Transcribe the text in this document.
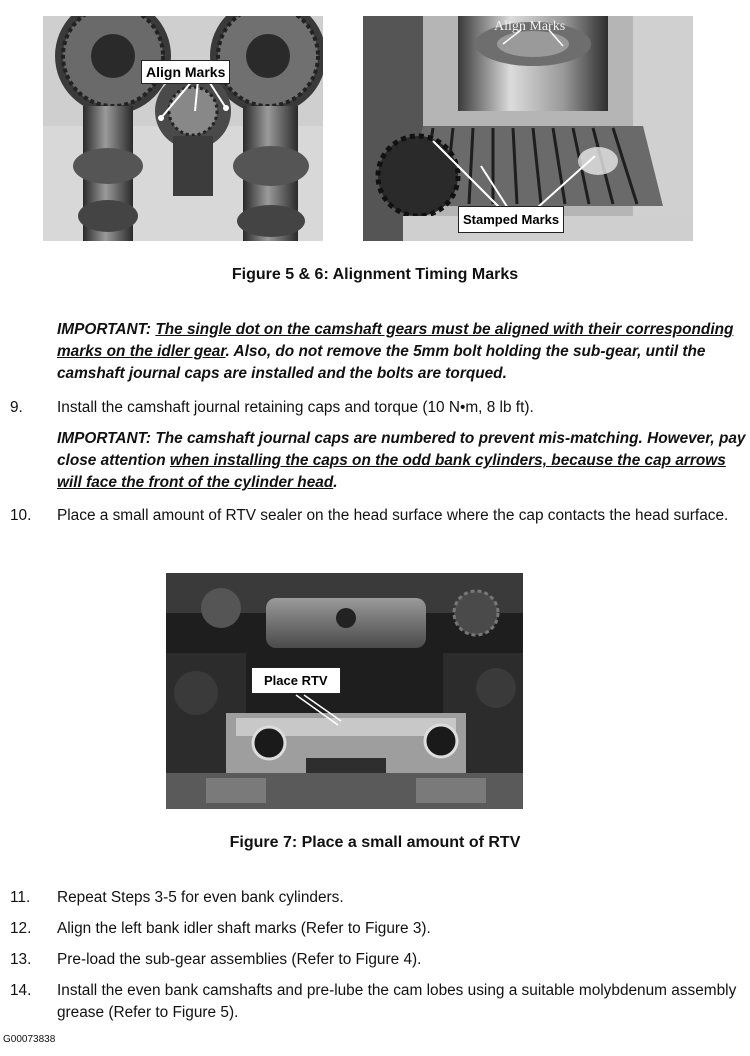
Align Marks
Align Marks
Stamped Marks
Figure 5 & 6: Alignment Timing Marks

IMPORTANT: The single dot on the camshaft gears must be aligned with their corresponding marks on the idler gear. Also, do not remove the 5mm bolt holding the sub-gear, until the camshaft journal caps are installed and the bolts are torqued.

9. Install the camshaft journal retaining caps and torque (10 N•m, 8 lb ft).

IMPORTANT: The camshaft journal caps are numbered to prevent mis-matching. However, pay close attention when installing the caps on the odd bank cylinders, because the cap arrows will face the front of the cylinder head.

10. Place a small amount of RTV sealer on the head surface where the cap contacts the head surface.
Place RTV
Figure 7: Place a small amount of RTV
11. Repeat Steps 3-5 for even bank cylinders.
12. Align the left bank idler shaft marks (Refer to Figure 3).
13. Pre-load the sub-gear assemblies (Refer to Figure 4).
14. Install the even bank camshafts and pre-lube the cam lobes using a suitable molybdenum assembly grease (Refer to Figure 5).
G00073838
